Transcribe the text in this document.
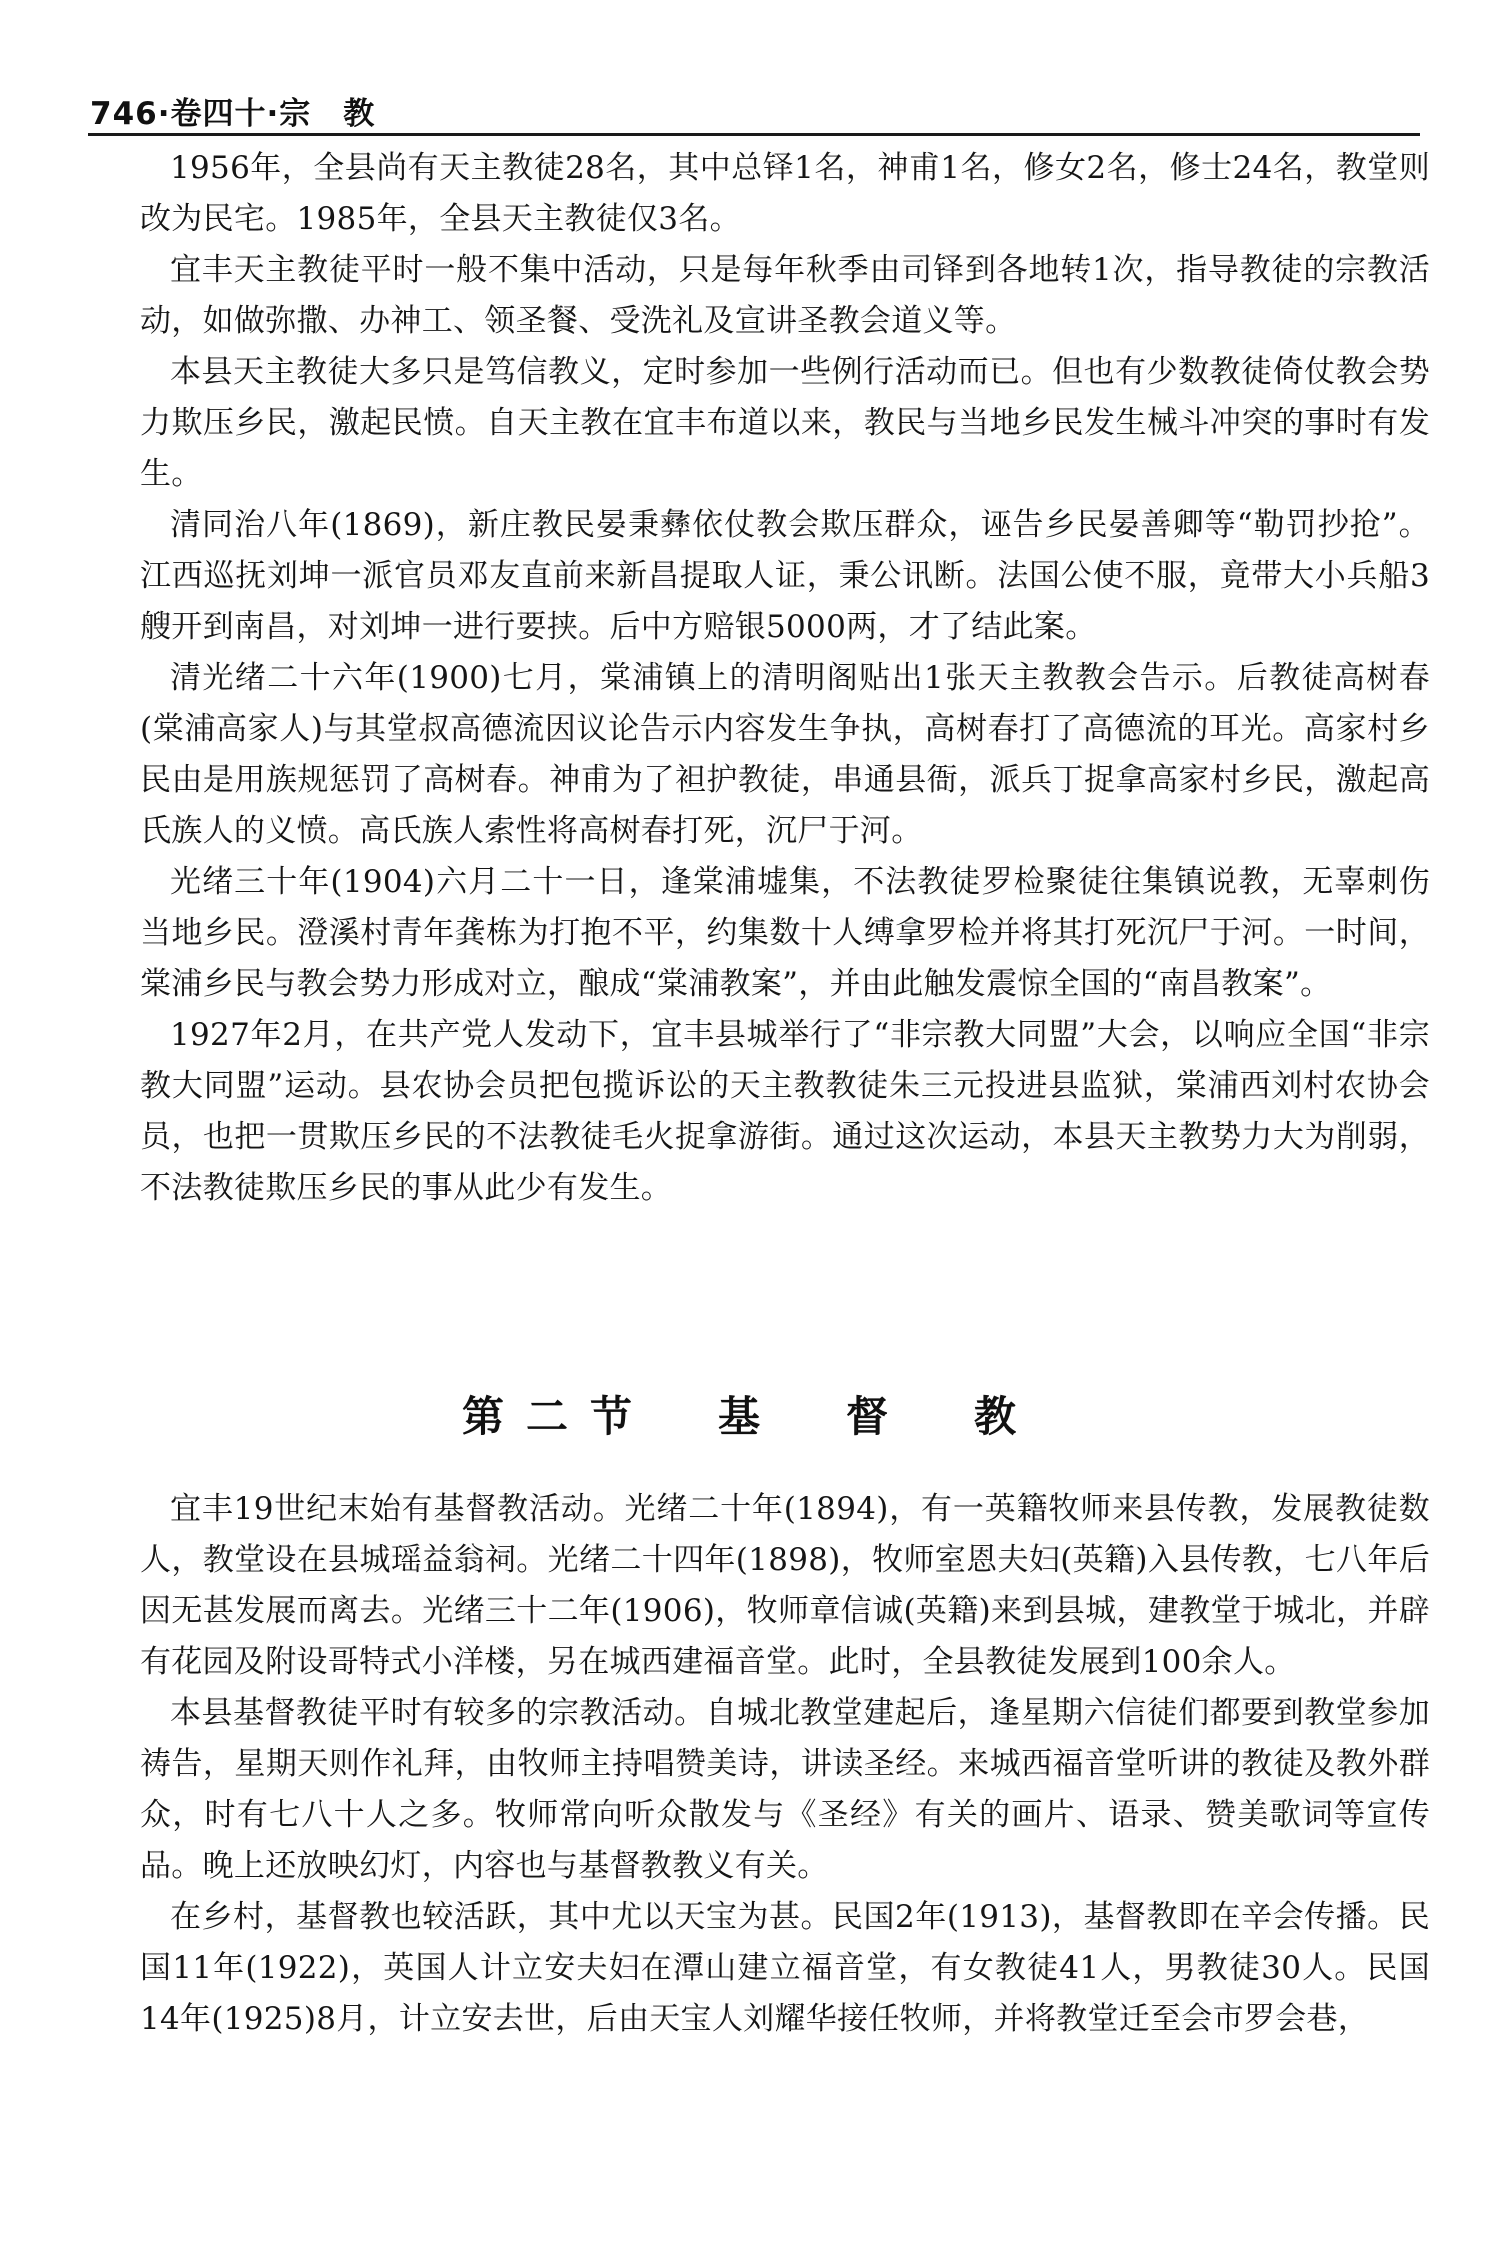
746·卷四十·宗　教

1956年，全县尚有天主教徒28名，其中总铎1名，神甫1名，修女2名，修士24名，教堂则改为民宅。1985年，全县天主教徒仅3名。

宜丰天主教徒平时一般不集中活动，只是每年秋季由司铎到各地转1次，指导教徒的宗教活动，如做弥撒、办神工、领圣餐、受洗礼及宣讲圣教会道义等。

本县天主教徒大多只是笃信教义，定时参加一些例行活动而已。但也有少数教徒倚仗教会势力欺压乡民，激起民愤。自天主教在宜丰布道以来，教民与当地乡民发生械斗冲突的事时有发生。

清同治八年(1869)，新庄教民晏秉彝依仗教会欺压群众，诬告乡民晏善卿等“勒罚抄抢”。江西巡抚刘坤一派官员邓友直前来新昌提取人证，秉公讯断。法国公使不服，竟带大小兵船3艘开到南昌，对刘坤一进行要挟。后中方赔银5000两，才了结此案。

清光绪二十六年(1900)七月，棠浦镇上的清明阁贴出1张天主教教会告示。后教徒高树春(棠浦高家人)与其堂叔高德流因议论告示内容发生争执，高树春打了高德流的耳光。高家村乡民由是用族规惩罚了高树春。神甫为了袒护教徒，串通县衙，派兵丁捉拿高家村乡民，激起高氏族人的义愤。高氏族人索性将高树春打死，沉尸于河。

光绪三十年(1904)六月二十一日，逢棠浦墟集，不法教徒罗检聚徒往集镇说教，无辜刺伤当地乡民。澄溪村青年龚栋为打抱不平，约集数十人缚拿罗检并将其打死沉尸于河。一时间，棠浦乡民与教会势力形成对立，酿成“棠浦教案”，并由此触发震惊全国的“南昌教案”。

1927年2月，在共产党人发动下，宜丰县城举行了“非宗教大同盟”大会，以响应全国“非宗教大同盟”运动。县农协会员把包揽诉讼的天主教教徒朱三元投进县监狱，棠浦西刘村农协会员，也把一贯欺压乡民的不法教徒毛火捉拿游街。通过这次运动，本县天主教势力大为削弱，不法教徒欺压乡民的事从此少有发生。

第二节　基　督　教

宜丰19世纪末始有基督教活动。光绪二十年(1894)，有一英籍牧师来县传教，发展教徒数人，教堂设在县城瑶益翁祠。光绪二十四年(1898)，牧师室恩夫妇(英籍)入县传教，七八年后因无甚发展而离去。光绪三十二年(1906)，牧师章信诚(英籍)来到县城，建教堂于城北，并辟有花园及附设哥特式小洋楼，另在城西建福音堂。此时，全县教徒发展到100余人。

本县基督教徒平时有较多的宗教活动。自城北教堂建起后，逢星期六信徒们都要到教堂参加祷告，星期天则作礼拜，由牧师主持唱赞美诗，讲读圣经。来城西福音堂听讲的教徒及教外群众，时有七八十人之多。牧师常向听众散发与《圣经》有关的画片、语录、赞美歌词等宣传品。晚上还放映幻灯，内容也与基督教教义有关。

在乡村，基督教也较活跃，其中尤以天宝为甚。民国2年(1913)，基督教即在辛会传播。民国11年(1922)，英国人计立安夫妇在潭山建立福音堂，有女教徒41人，男教徒30人。民国14年(1925)8月，计立安去世，后由天宝人刘耀华接任牧师，并将教堂迁至会市罗会巷，
